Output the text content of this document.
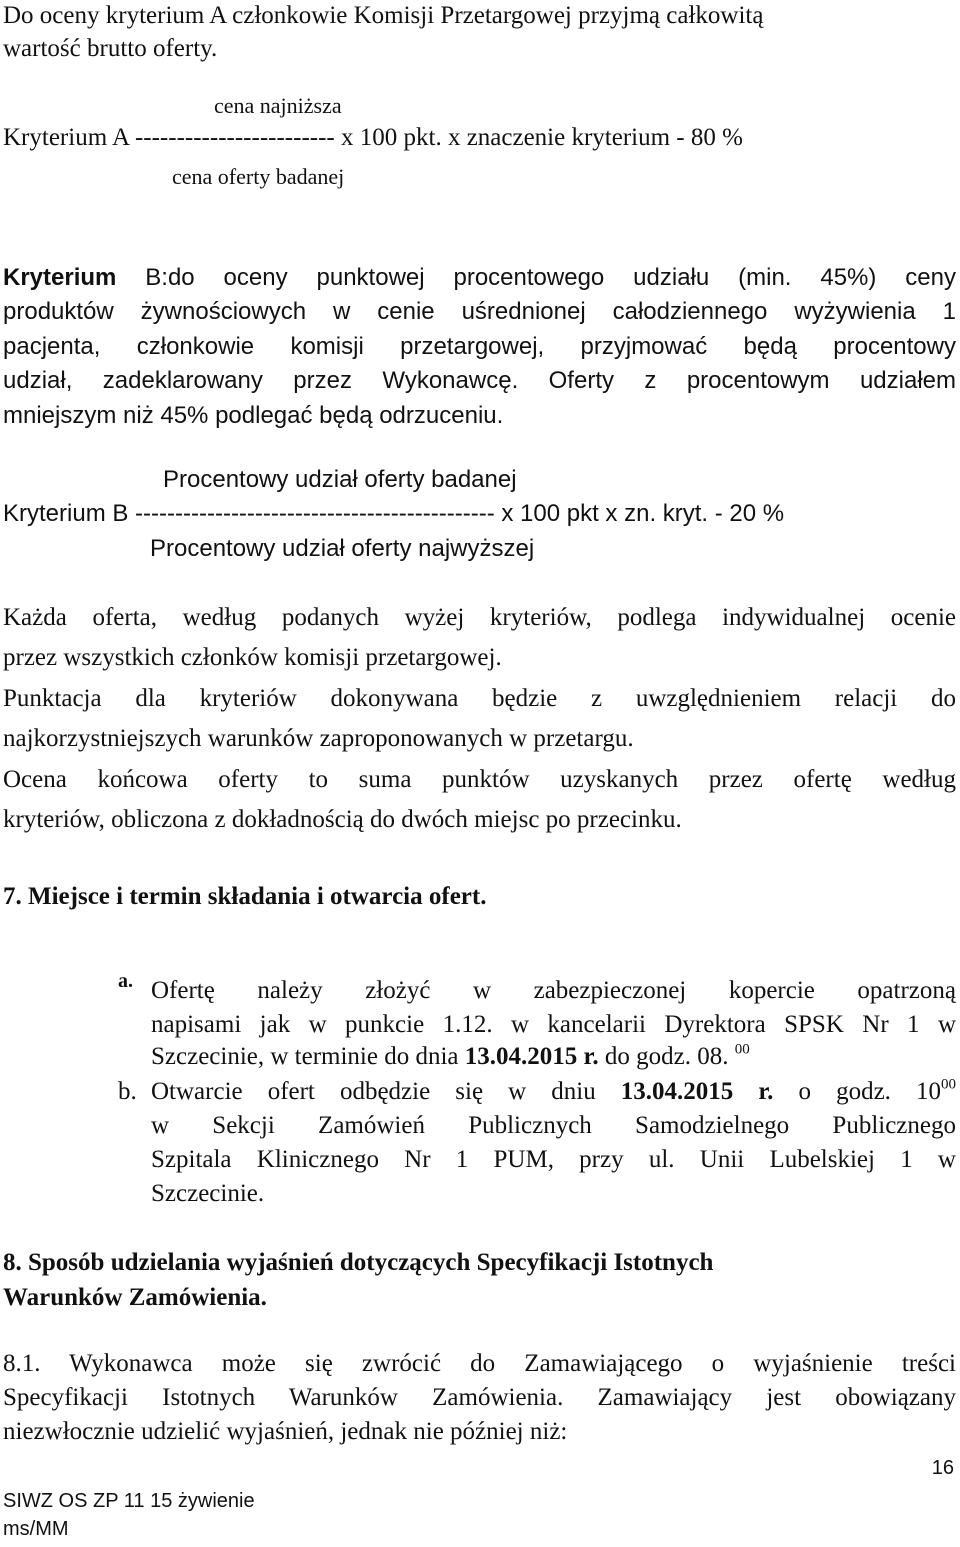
Do oceny kryterium A członkowie Komisji Przetargowej przyjmą całkowitą
wartość brutto oferty.
cena najniższa
Kryterium A ------------------------ x 100 pkt. x znaczenie kryterium - 80 %
cena oferty badanej
Kryterium B:do oceny punktowej procentowego udziału (min. 45%) ceny
produktów żywnościowych w cenie uśrednionej całodziennego wyżywienia 1
pacjenta, członkowie komisji przetargowej, przyjmować będą procentowy
udział, zadeklarowany przez Wykonawcę. Oferty z procentowym udziałem
mniejszym niż 45% podlegać będą odrzuceniu.
Procentowy udział oferty badanej
Kryterium B --------------------------------------------- x 100 pkt x zn. kryt. - 20 %
Procentowy udział oferty najwyższej
Każda oferta, według podanych wyżej kryteriów, podlega indywidualnej ocenie
przez wszystkich członków komisji przetargowej.
Punktacja dla kryteriów dokonywana będzie z uwzględnieniem relacji do
najkorzystniejszych warunków zaproponowanych w przetargu.
Ocena końcowa oferty to suma punktów uzyskanych przez ofertę według
kryteriów, obliczona z dokładnością do dwóch miejsc po przecinku.
7. Miejsce i termin składania i otwarcia ofert.
a. Ofertę należy złożyć w zabezpieczonej kopercie opatrzoną
napisami jak w punkcie 1.12. w kancelarii Dyrektora SPSK Nr 1 w
Szczecinie, w terminie do dnia 13.04.2015 r. do godz. 08. $^{00}$
b. Otwarcie ofert odbędzie się w dniu 13.04.2015 r. o godz. $10^{00}$
w Sekcji Zamówień Publicznych Samodzielnego Publicznego
Szpitala Klinicznego Nr 1 PUM, przy ul. Unii Lubelskiej 1 w
Szczecinie.
8. Sposób udzielania wyjaśnień dotyczących Specyfikacji Istotnych
Warunków Zamówienia.
8.1. Wykonawca może się zwrócić do Zamawiającego o wyjaśnienie treści
Specyfikacji Istotnych Warunków Zamówienia. Zamawiający jest obowiązany
niezwłocznie udzielić wyjaśnień, jednak nie później niż:
16
SIWZ OS ZP 11 15 żywienie
ms/MM
